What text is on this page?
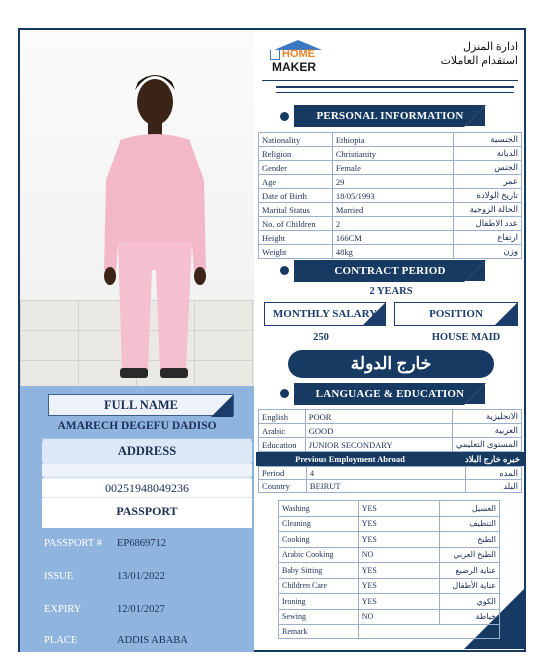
FULL NAME
AMARECH DEGEFU DADISO
ADDRESS
00251948049236
PASSPORT
PASSPORT #	EP6869712
ISSUE	13/01/2022
EXPIRY	12/01/2027
PLACE	ADDIS ABABA
HOME
MAKER
ادارة المنزل
استقدام العاملات
PERSONAL INFORMATION
Nationality	Ethiopia	الجنسية
Religion	Christianity	الديانة
Gender	Female	الجنس
Age	29	عمر
Date of Birth	18/05/1993	تاريخ الولادة
Marital Status	Married	الحالة الزوجية
No. of Children	2	عدد الاطفال
Height	166CM	ارتفاع
Weight	48kg	وزن
CONTRACT PERIOD
2 YEARS
MONTHLY SALARY	POSITION
250	HOUSE MAID
خارج الدولة
LANGUAGE & EDUCATION
English	POOR	الانجليزية
Arabic	GOOD	العربية
Education	JUNIOR SECONDARY	المستوى التعليمي
Previous Employment Abroad	خبره خارج البلاد
Period	4	المده
Country	BEIRUT	البلد
Washing	YES	الغسيل
Cleaning	YES	التنظيف
Cooking	YES	الطبخ
Arabic Cooking	NO	الطبخ العربي
Baby Sitting	YES	عناية الرضيع
Children Care	YES	عناية الأطفال
Ironing	YES	الكوي
Sewing	NO	خياطة
Remark		
